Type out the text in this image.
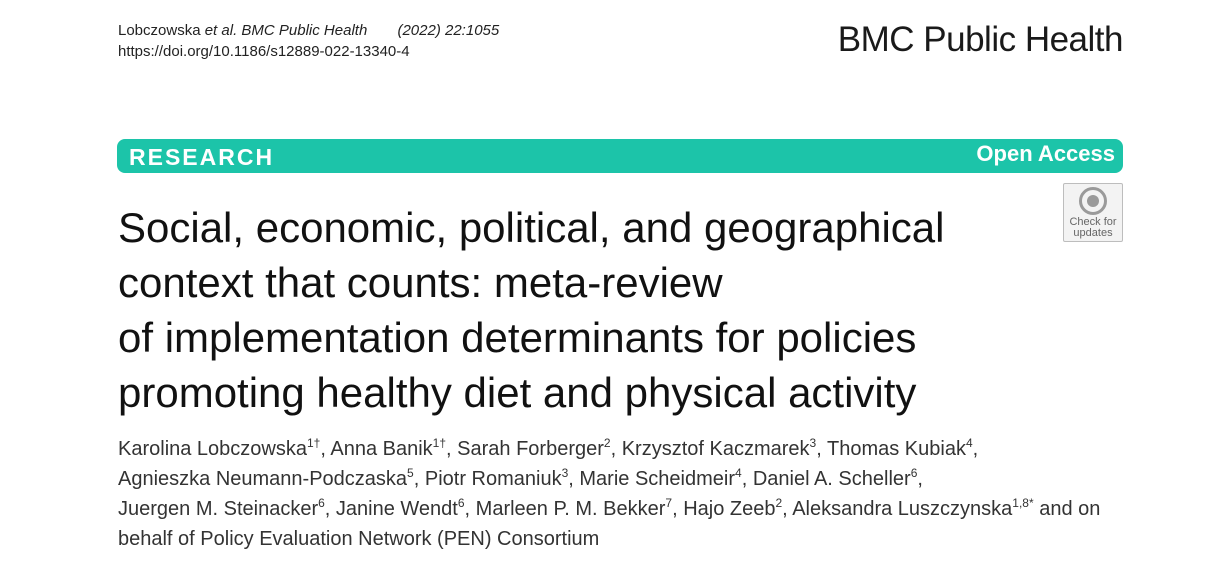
Lobczowska et al. BMC Public Health (2022) 22:1055
https://doi.org/10.1186/s12889-022-13340-4	BMC Public Health
RESEARCH	Open Access
Check for
updates
Social, economic, political, and geographical
context that counts: meta-review
of implementation determinants for policies
promoting healthy diet and physical activity
Karolina Lobczowska$^{1\dagger}$, Anna Banik$^{1\dagger}$, Sarah Forberger$^2$, Krzysztof Kaczmarek$^3$, Thomas Kubiak$^4$,
Agnieszka Neumann-Podczaska$^5$, Piotr Romaniuk$^3$, Marie Scheidmeir$^4$, Daniel A. Scheller$^6$,
Juergen M. Steinacker$^6$, Janine Wendt$^6$, Marleen P. M. Bekker$^7$, Hajo Zeeb$^2$, Aleksandra Luszczynska$^{1,8*}$ and on
behalf of Policy Evaluation Network (PEN) Consortium
